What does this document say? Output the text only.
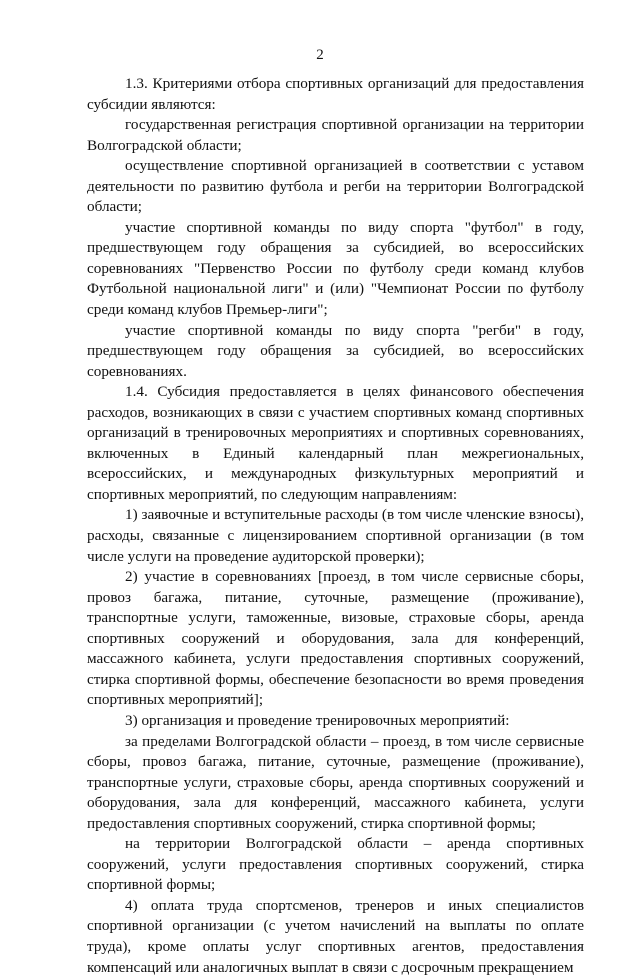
2

1.3. Критериями отбора спортивных организаций для предоставления субсидии являются:

государственная регистрация спортивной организации на территории Волгоградской области;

осуществление спортивной организацией в соответствии с уставом деятельности по развитию футбола и регби на территории Волгоградской области;

участие спортивной команды по виду спорта "футбол" в году, предшествующем году обращения за субсидией, во всероссийских соревнованиях "Первенство России по футболу среди команд клубов Футбольной национальной лиги" и (или) "Чемпионат России по футболу среди команд клубов Премьер-лиги";

участие спортивной команды по виду спорта "регби" в году, предшествующем году обращения за субсидией, во всероссийских соревнованиях.

1.4. Субсидия предоставляется в целях финансового обеспечения расходов, возникающих в связи с участием спортивных команд спортивных организаций в тренировочных мероприятиях и спортивных соревнованиях, включенных в Единый календарный план межрегиональных, всероссийских, и международных физкультурных мероприятий и спортивных мероприятий, по следующим направлениям:

1) заявочные и вступительные расходы (в том числе членские взносы), расходы, связанные с лицензированием спортивной организации (в том числе услуги на проведение аудиторской проверки);

2) участие в соревнованиях [проезд, в том числе сервисные сборы, провоз багажа, питание, суточные, размещение (проживание), транспортные услуги, таможенные, визовые, страховые сборы, аренда спортивных сооружений и оборудования, зала для конференций, массажного кабинета, услуги предоставления спортивных сооружений, стирка спортивной формы, обеспечение безопасности во время проведения спортивных мероприятий];

3) организация и проведение тренировочных мероприятий:

за пределами Волгоградской области – проезд, в том числе сервисные сборы, провоз багажа, питание, суточные, размещение (проживание), транспортные услуги, страховые сборы, аренда спортивных сооружений и оборудования, зала для конференций, массажного кабинета, услуги предоставления спортивных сооружений, стирка спортивной формы;

на территории Волгоградской области – аренда спортивных сооружений, услуги предоставления спортивных сооружений, стирка спортивной формы;

4) оплата труда спортсменов, тренеров и иных специалистов спортивной организации (с учетом начислений на выплаты по оплате труда), кроме оплаты услуг спортивных агентов, предоставления компенсаций или аналогичных выплат в связи с досрочным прекращением
